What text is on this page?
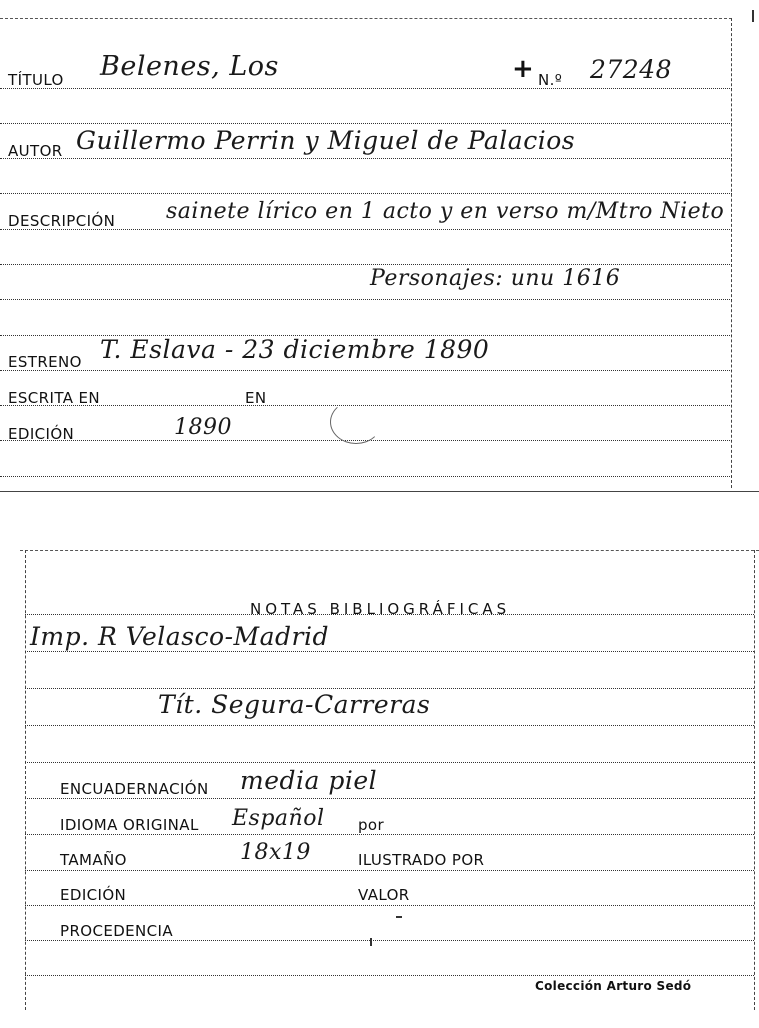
TÍTULO Belenes, Los	+ N.º 27248
AUTOR Guillermo Perrin y Miguel de Palacios
DESCRIPCIÓN sainete lírico en 1 acto y en verso m/Mtro Nieto
Personajes: unu 1616
ESTRENO T. Eslava - 23 diciembre 1890
ESCRITA EN	EN
EDICIÓN	1890
NOTAS BIBLIOGRÁFICAS
Imp. R Velasco-Madrid
Tít. Segura-Carreras
ENCUADERNACIÓN media piel
IDIOMA ORIGINAL Español por
TAMAÑO	18x19	ILUSTRADO POR
EDICIÓN	VALOR
PROCEDENCIA
Colección Arturo Sedó
